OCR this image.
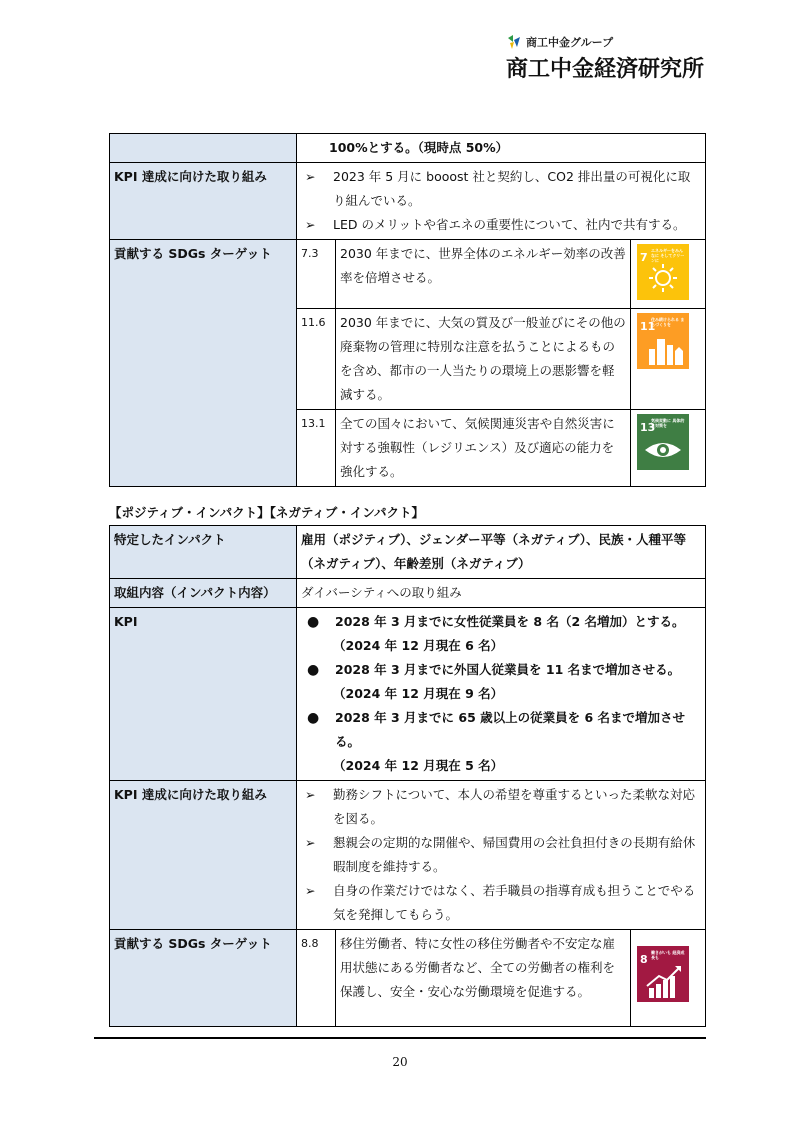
商工中金グループ
商工中金経済研究所
	100%とする。（現時点 50%）
KPI 達成に向けた取り組み	➢	2023 年 5 月に booost 社と契約し、CO2 排出量の可視化に取り組んでいる。
➢	LED のメリットや省エネの重要性について、社内で共有する。

貢献する SDGs ターゲット		7.3	2030 年までに、世界全体のエネルギー効率の改善率を倍増させる。	
7
エネルギーをみんなに そしてクリーンに

11.6	2030 年までに、大気の質及び一般並びにその他の廃棄物の管理に特別な注意を払うことによるものを含め、都市の一人当たりの環境上の悪影響を軽減する。	
11
住み続けられる まちづくりを

13.1	全ての国々において、気候関連災害や自然災害に対する強靱性（レジリエンス）及び適応の能力を強化する。	
13
気候変動に 具体的な対策を
【ポジティブ・インパクト】【ネガティブ・インパクト】
特定したインパクト	雇用（ポジティブ）、ジェンダー平等（ネガティブ）、民族・人種平等（ネガティブ）、年齢差別（ネガティブ）
取組内容（インパクト内容）	ダイバーシティへの取り組み
KPI	●	2028 年 3 月までに女性従業員を 8 名（2 名増加）とする。
（2024 年 12 月現在 6 名）
●	2028 年 3 月までに外国人従業員を 11 名まで増加させる。
（2024 年 12 月現在 9 名）
●	2028 年 3 月までに 65 歳以上の従業員を 6 名まで増加させる。
（2024 年 12 月現在 5 名）

KPI 達成に向けた取り組み	➢	勤務シフトについて、本人の希望を尊重するといった柔軟な対応を図る。
➢	懇親会の定期的な開催や、帰国費用の会社負担付きの長期有給休暇制度を維持する。
➢	自身の作業だけではなく、若手職員の指導育成も担うことでやる気を発揮してもらう。

貢献する SDGs ターゲット		8.8	移住労働者、特に女性の移住労働者や不安定な雇用状態にある労働者など、全ての労働者の権利を保護し、安全・安心な労働環境を促進する。	
8
働きがいも 経済成長も
20
